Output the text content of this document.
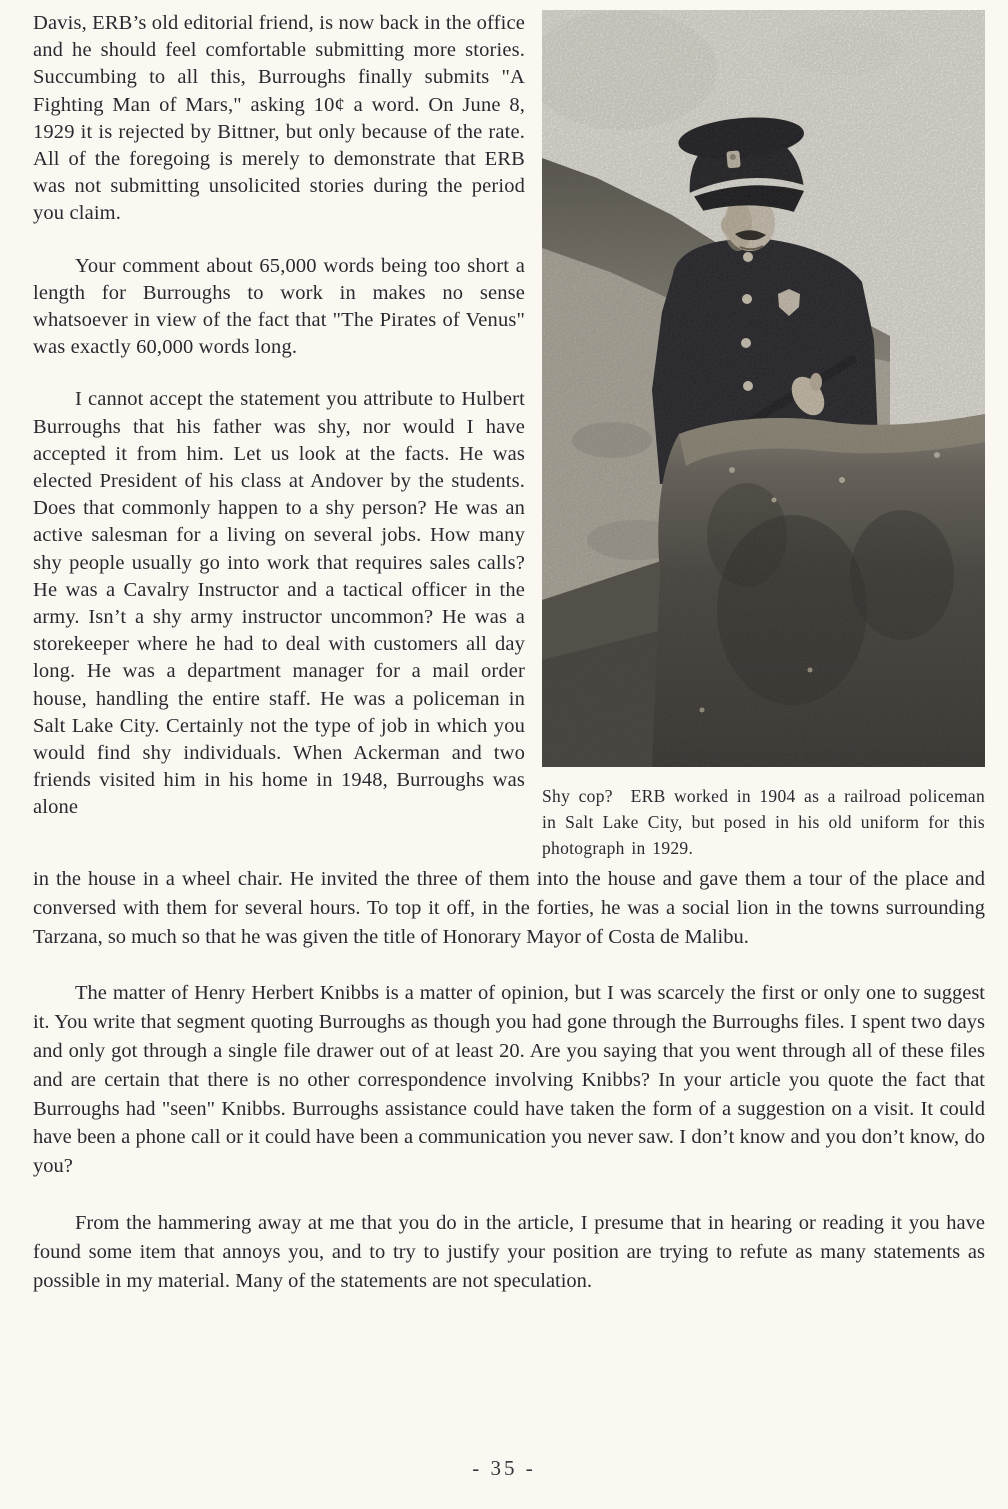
Davis, ERB’s old editorial friend, is now back in the office and he should feel comfortable submitting more stories. Succumbing to all this, Burroughs finally submits "A Fighting Man of Mars," asking 10¢ a word. On June 8, 1929 it is rejected by Bittner, but only because of the rate. All of the foregoing is merely to demonstrate that ERB was not submitting unsolicited stories during the period you claim.

Your comment about 65,000 words being too short a length for Burroughs to work in makes no sense whatsoever in view of the fact that "The Pirates of Venus" was exactly 60,000 words long.

I cannot accept the statement you attribute to Hulbert Burroughs that his father was shy, nor would I have accepted it from him. Let us look at the facts. He was elected President of his class at Andover by the students. Does that commonly happen to a shy person? He was an active salesman for a living on several jobs. How many shy people usually go into work that requires sales calls? He was a Cavalry Instructor and a tactical officer in the army. Isn’t a shy army instructor uncommon? He was a storekeeper where he had to deal with customers all day long. He was a department manager for a mail order house, handling the entire staff. He was a policeman in Salt Lake City. Certainly not the type of job in which you would find shy individuals. When Ackerman and two friends visited him in his home in 1948, Burroughs was alone

Shy cop? ERB worked in 1904 as a railroad policeman in Salt Lake City, but posed in his old uniform for this photograph in 1929.

in the house in a wheel chair. He invited the three of them into the house and gave them a tour of the place and conversed with them for several hours. To top it off, in the forties, he was a social lion in the towns surrounding Tarzana, so much so that he was given the title of Honorary Mayor of Costa de Malibu.

The matter of Henry Herbert Knibbs is a matter of opinion, but I was scarcely the first or only one to suggest it. You write that segment quoting Burroughs as though you had gone through the Burroughs files. I spent two days and only got through a single file drawer out of at least 20. Are you saying that you went through all of these files and are certain that there is no other correspondence involving Knibbs? In your article you quote the fact that Burroughs had "seen" Knibbs. Burroughs assistance could have taken the form of a suggestion on a visit. It could have been a phone call or it could have been a communication you never saw. I don’t know and you don’t know, do you?

From the hammering away at me that you do in the article, I presume that in hearing or reading it you have found some item that annoys you, and to try to justify your position are trying to refute as many statements as possible in my material. Many of the statements are not speculation.

- 35 -
